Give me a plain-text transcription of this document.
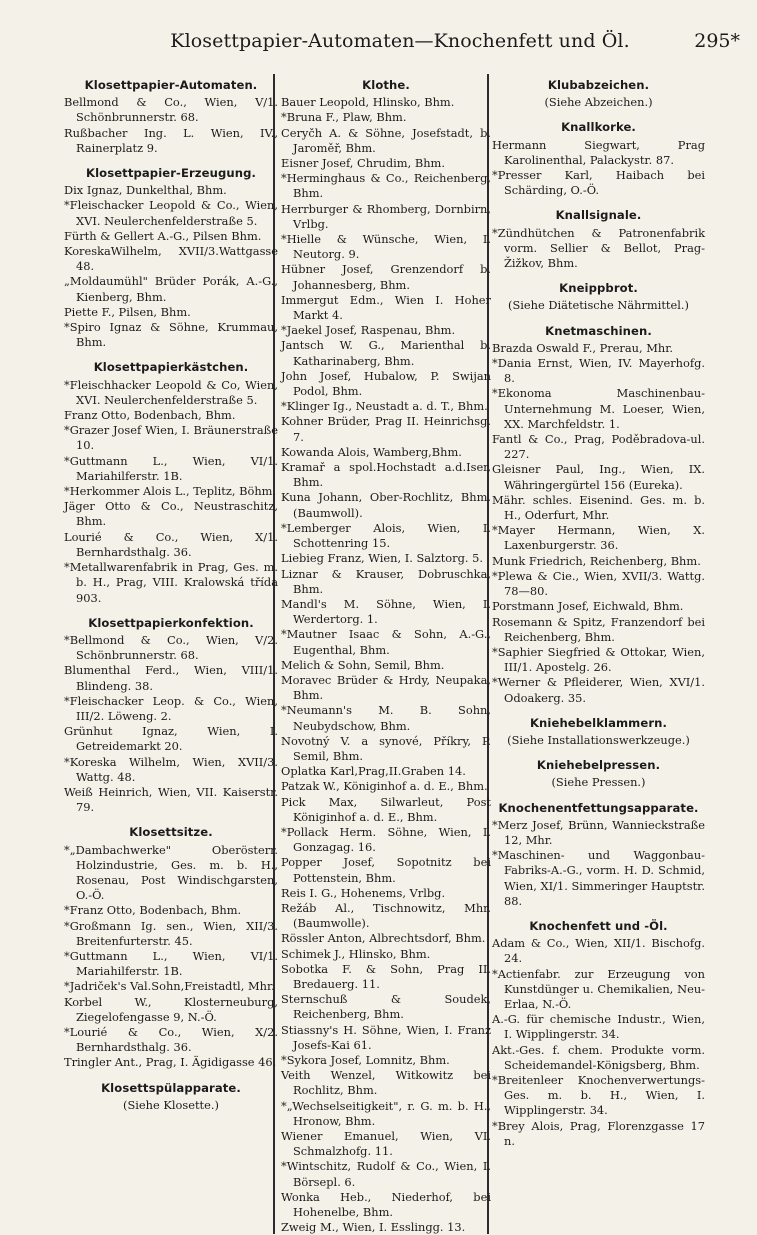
Klosettpapier-Automaten—Knochenfett und Öl.	295*
Klosettpapier-Automaten.

Bellmond & Co., Wien, V/1. Schönbrunnerstr. 68.

Rußbacher Ing. L. Wien, IV., Rainerplatz 9.

Klosettpapier-Erzeugung.

Dix Ignaz, Dunkelthal, Bhm.

*Fleischacker Leopold & Co., Wien, XVI. Neulerchenfelderstraße 5.

Fürth & Gellert A.-G., Pilsen Bhm.

KoreskaWilhelm, XVII/3.Wattgasse 48.

„Moldaumühl" Brüder Porák, A.-G., Kienberg, Bhm.

Piette F., Pilsen, Bhm.

*Spiro Ignaz & Söhne, Krummau, Bhm.

Klosettpapierkästchen.

*Fleischhacker Leopold & Co, Wien, XVI. Neulerchenfelderstraße 5.

Franz Otto, Bodenbach, Bhm.

*Grazer Josef Wien, I. Bräunerstraße 10.

*Guttmann L., Wien, VI/1. Mariahilferstr. 1B.

*Herkommer Alois L., Teplitz, Böhm.

Jäger Otto & Co., Neustraschitz, Bhm.

Lourié & Co., Wien, X/1. Bernhardsthalg. 36.

*Metallwarenfabrik in Prag, Ges. m. b. H., Prag, VIII. Kralowská třída 903.

Klosettpapierkonfektion.

*Bellmond & Co., Wien, V/2. Schönbrunnerstr. 68.

Blumenthal Ferd., Wien, VIII/1. Blindeng. 38.

*Fleischacker Leop. & Co., Wien, III/2. Löweng. 2.

Grünhut Ignaz, Wien, I. Getreidemarkt 20.

*Koreska Wilhelm, Wien, XVII/3. Wattg. 48.

Weiß Heinrich, Wien, VII. Kaiserstr. 79.

Klosettsitze.

*„Dambachwerke" Oberösterr. Holzindustrie, Ges. m. b. H., Rosenau, Post Windischgarsten, O.-Ö.

*Franz Otto, Bodenbach, Bhm.

*Großmann Ig. sen., Wien, XII/3. Breitenfurterstr. 45.

*Guttmann L., Wien, VI/1. Mariahilferstr. 1B.

*Jadriček's Val.Sohn,Freistadtl, Mhr.

Korbel W., Klosterneuburg, Ziegelofengasse 9, N.-Ö.

*Lourié & Co., Wien, X/2. Bernhardsthalg. 36.

Tringler Ant., Prag, I. Ägidigasse 46.

Klosettspülapparate.

(Siehe Klosette.)

Klothe.

Bauer Leopold, Hlinsko, Bhm.

*Bruna F., Plaw, Bhm.

Ceryčh A. & Söhne, Josefstadt, b. Jaroměř, Bhm.

Eisner Josef, Chrudim, Bhm.

*Herminghaus & Co., Reichenberg, Bhm.

Herrburger & Rhomberg, Dornbirn, Vrlbg.

*Hielle & Wünsche, Wien, I. Neutorg. 9.

Hübner Josef, Grenzendorf b. Johannesberg, Bhm.

Immergut Edm., Wien I. Hoher Markt 4.

*Jaekel Josef, Raspenau, Bhm.

Jantsch W. G., Marienthal b. Katharinaberg, Bhm.

John Josef, Hubalow, P. Swijan Podol, Bhm.

*Klinger Ig., Neustadt a. d. T., Bhm.

Kohner Brüder, Prag II. Heinrichsg. 7.

Kowanda Alois, Wamberg,Bhm.

Kramař a spol.Hochstadt a.d.Iser, Bhm.

Kuna Johann, Ober-Rochlitz, Bhm. (Baumwoll).

*Lemberger Alois, Wien, I. Schottenring 15.

Liebieg Franz, Wien, I. Salztorg. 5.

Liznar & Krauser, Dobruschka, Bhm.

Mandl's M. Söhne, Wien, I. Werdertorg. 1.

*Mautner Isaac & Sohn, A.-G., Eugenthal, Bhm.

Melich & Sohn, Semil, Bhm.

Moravec Brüder & Hrdy, Neupaka, Bhm.

*Neumann's M. B. Sohn, Neubydschow, Bhm.

Novotný V. a synové, Příkry, P. Semil, Bhm.

Oplatka Karl,Prag,II.Graben 14.

Patzak W., Königinhof a. d. E., Bhm.

Pick Max, Silwarleut, Post Königinhof a. d. E., Bhm.

*Pollack Herm. Söhne, Wien, I. Gonzagag. 16.

Popper Josef, Sopotnitz bei Pottenstein, Bhm.

Reis I. G., Hohenems, Vrlbg.

Režáb Al., Tischnowitz, Mhr. (Baumwolle).

Rössler Anton, Albrechtsdorf, Bhm.

Schimek J., Hlinsko, Bhm.

Sobotka F. & Sohn, Prag II. Bredauerg. 11.

Sternschuß & Soudek, Reichenberg, Bhm.

Stiassny's H. Söhne, Wien, I. Franz Josefs-Kai 61.

*Sykora Josef, Lomnitz, Bhm.

Veith Wenzel, Witkowitz bei Rochlitz, Bhm.

*„Wechselseitigkeit", r. G. m. b. H., Hronow, Bhm.

Wiener Emanuel, Wien, VI. Schmalzhofg. 11.

*Wintschitz, Rudolf & Co., Wien, I. Börsepl. 6.

Wonka Heb., Niederhof, bei Hohenelbe, Bhm.

Zweig M., Wien, I. Esslingg. 13.

Klubabzeichen.

(Siehe Abzeichen.)

Knallkorke.

Hermann Siegwart, Prag Karolinenthal, Palackystr. 87.

*Presser Karl, Haibach bei Schärding, O.-Ö.

Knallsignale.

*Zündhütchen & Patronenfabrik vorm. Sellier & Bellot, Prag-Žižkov, Bhm.

Kneippbrot.

(Siehe Diätetische Nährmittel.)

Knetmaschinen.

Brazda Oswald F., Prerau, Mhr.

*Dania Ernst, Wien, IV. Mayerhofg. 8.

*Ekonoma Maschinenbau-Unternehmung M. Loeser, Wien, XX. Marchfeldstr. 1.

Fantl & Co., Prag, Poděbradova-ul. 227.

Gleisner Paul, Ing., Wien, IX. Währingergürtel 156 (Eureka).

Mähr. schles. Eisenind. Ges. m. b. H., Oderfurt, Mhr.

*Mayer Hermann, Wien, X. Laxenburgerstr. 36.

Munk Friedrich, Reichenberg, Bhm.

*Plewa & Cie., Wien, XVII/3. Wattg. 78—80.

Porstmann Josef, Eichwald, Bhm.

Rosemann & Spitz, Franzendorf bei Reichenberg, Bhm.

*Saphier Siegfried & Ottokar, Wien, III/1. Apostelg. 26.

*Werner & Pfleiderer, Wien, XVI/1. Odoakerg. 35.

Kniehebelklammern.

(Siehe Installationswerkzeuge.)

Kniehebelpressen.

(Siehe Pressen.)

Knochenentfettungsapparate.

*Merz Josef, Brünn, Wannieckstraße 12, Mhr.

*Maschinen- und Waggonbau-Fabriks-A.-G., vorm. H. D. Schmid, Wien, XI/1. Simmeringer Hauptstr. 88.

Knochenfett und -Öl.

Adam & Co., Wien, XII/1. Bischofg. 24.

*Actienfabr. zur Erzeugung von Kunstdünger u. Chemikalien, Neu-Erlaa, N.-Ö.

A.-G. für chemische Industr., Wien, I. Wipplingerstr. 34.

Akt.-Ges. f. chem. Produkte vorm. Scheidemandel-Königsberg, Bhm.

*Breitenleer Knochenverwertungs-Ges. m. b. H., Wien, I. Wipplingerstr. 34.

*Brey Alois, Prag, Florenzgasse 17 n.
